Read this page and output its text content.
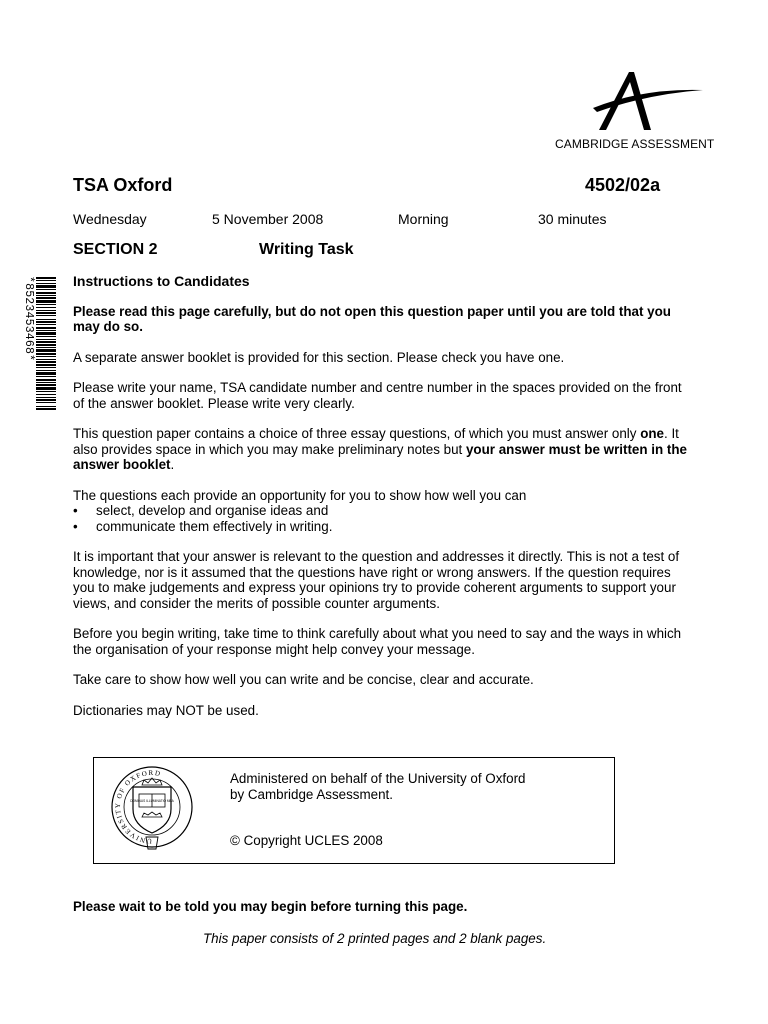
CAMBRIDGE ASSESSMENT
TSA Oxford	4502/02a
Wednesday	5 November 2008	Morning	30 minutes
SECTION 2	Writing Task
*8523453468*	Instructions to Candidates

Please read this page carefully, but do not open this question paper until you are told that you may do so.

A separate answer booklet is provided for this section. Please check you have one.

Please write your name, TSA candidate number and centre number in the spaces provided on the front of the answer booklet. Please write very clearly.

This question paper contains a choice of three essay questions, of which you must answer only one. It also provides space in which you may make preliminary notes but your answer must be written in the answer booklet.

The questions each provide an opportunity for you to show how well you can

• select, develop and organise ideas and
• communicate them effectively in writing.

It is important that your answer is relevant to the question and addresses it directly. This is not a test of knowledge, nor is it assumed that the questions have right or wrong answers. If the question requires you to make judgements and express your opinions try to provide coherent arguments to support your views, and consider the merits of possible counter arguments.

Before you begin writing, take time to think carefully about what you need to say and the ways in which the organisation of your response might help convey your message.

Take care to show how well you can write and be concise, clear and accurate.

Dictionaries may NOT be used.

UNIVERSITY OF OXFORD
DOMINUS ILLUMINATIO MEA
Administered on behalf of the University of Oxford
by Cambridge Assessment.
© Copyright UCLES 2008
Please wait to be told you may begin before turning this page.
This paper consists of 2 printed pages and 2 blank pages.
